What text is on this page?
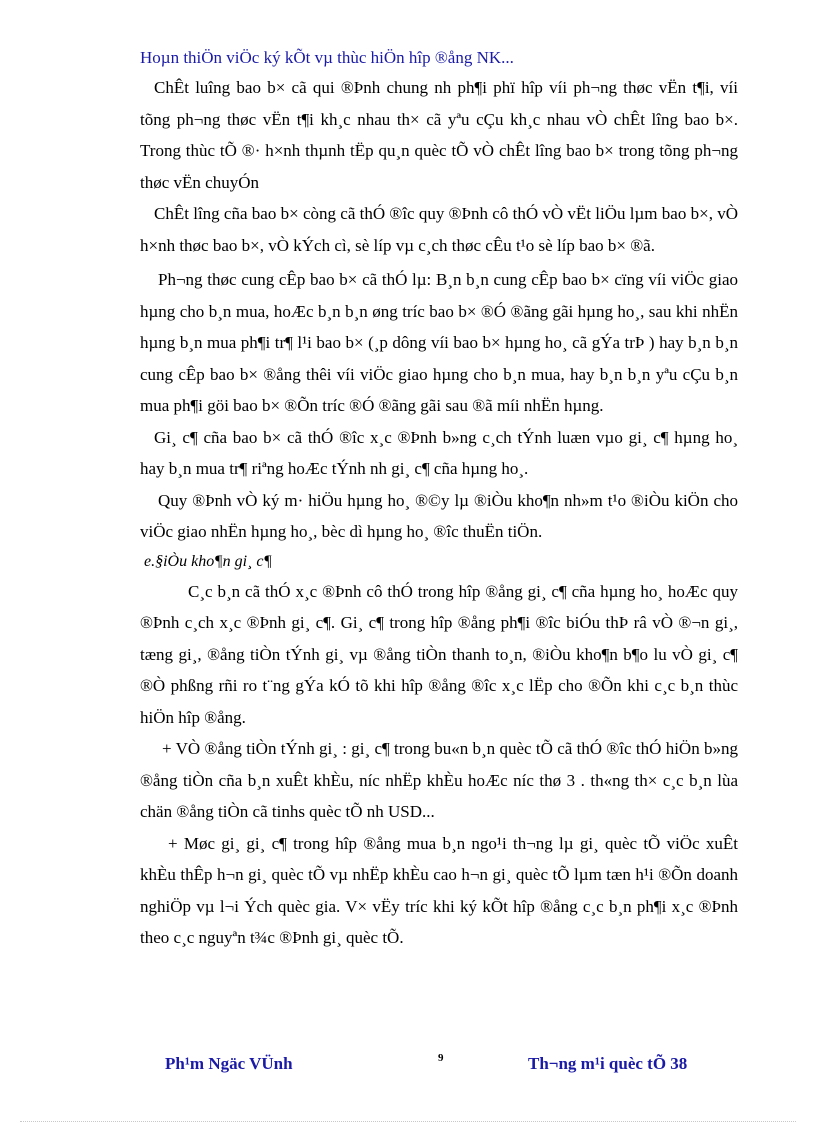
Hoµn thiÖn viÖc ký kÕt vµ thùc hiÖn hîp ®ång NK...

ChÊt luîng bao b× cã qui ®Þnh chung nh ph¶i phï hîp víi ph¬ng thøc vËn t¶i, víi tõng ph¬ng thøc vËn t¶i kh¸c nhau th× cã yªu cÇu kh¸c nhau vÒ chÊt lîng bao b×. Trong thùc tÕ ®· h×nh thµnh tËp qu¸n quèc tÕ vÒ chÊt lîng bao b× trong tõng ph¬ng thøc vËn chuyÓn

ChÊt lîng cña bao b× còng cã thÓ ®îc quy ®Þnh cô thÓ vÒ vËt liÖu lµm bao b×, vÒ h×nh thøc bao b×, vÒ kÝch cì, sè líp vµ c¸ch thøc cÊu t¹o sè líp bao b× ®ã.

Ph¬ng thøc cung cÊp bao b× cã thÓ lµ: B¸n b¸n cung cÊp bao b× cïng víi viÖc giao hµng cho b¸n mua, hoÆc b¸n b¸n øng tríc bao b× ®Ó ®ãng gãi hµng ho¸, sau khi nhËn hµng b¸n mua ph¶i tr¶ l¹i bao b× (¸p dông víi bao b× hµng ho¸ cã gÝa trÞ ) hay b¸n b¸n cung cÊp bao b× ®ång thêi víi viÖc giao hµng cho b¸n mua, hay b¸n b¸n yªu cÇu b¸n mua ph¶i göi bao b× ®Õn tríc ®Ó ®ãng gãi sau ®ã míi nhËn hµng.

Gi¸ c¶ cña bao b× cã thÓ ®îc x¸c ®Þnh b»ng c¸ch tÝnh luæn vµo gi¸ c¶ hµng ho¸ hay b¸n mua tr¶ riªng hoÆc tÝnh nh gi¸ c¶ cña hµng ho¸.

Quy ®Þnh vÒ ký m· hiÖu hµng ho¸ ®©y lµ ®iÒu kho¶n nh»m t¹o ®iÒu kiÖn cho viÖc giao nhËn hµng ho¸, bèc dì hµng ho¸ ®îc thuËn tiÖn.

e.§iÒu kho¶n gi¸ c¶

C¸c b¸n cã thÓ x¸c ®Þnh cô thÓ trong hîp ®ång gi¸ c¶ cña hµng ho¸ hoÆc quy ®Þnh c¸ch x¸c ®Þnh gi¸ c¶. Gi¸ c¶ trong hîp ®ång ph¶i ®îc biÓu thÞ râ vÒ ®¬n gi¸, tæng gi¸, ®ång tiÒn tÝnh gi¸ vµ ®ång tiÒn thanh to¸n, ®iÒu kho¶n b¶o lu vÒ gi¸ c¶ ®Ò phßng rñi ro t¨ng gÝa kÓ tõ khi hîp ®ång ®îc x¸c lËp cho ®Õn khi c¸c b¸n thùc hiÖn hîp ®ång.

+ VÒ ®ång tiÒn tÝnh gi¸ : gi¸ c¶ trong bu«n b¸n quèc tÕ cã thÓ ®îc thÓ hiÖn b»ng ®ång tiÒn cña b¸n xuÊt khÈu, níc nhËp khÈu hoÆc níc thø 3 . th«ng th× c¸c b¸n lùa chän ®ång tiÒn cã tinhs quèc tÕ nh USD...

+ Møc gi¸ gi¸ c¶ trong hîp ®ång mua b¸n ngo¹i th¬ng lµ gi¸ quèc tÕ viÖc xuÊt khÈu thÊp h¬n gi¸ quèc tÕ vµ nhËp khÈu cao h¬n gi¸ quèc tÕ lµm tæn h¹i ®Õn doanh nghiÖp vµ l¬i Ých quèc gia. V× vËy tríc khi ký kÕt hîp ®ång c¸c b¸n ph¶i x¸c ®Þnh theo c¸c nguyªn t¾c ®Þnh gi¸ quèc tÕ.

Ph¹m Ngäc VÜnh	9	Th¬ng m¹i quèc tÕ 38
